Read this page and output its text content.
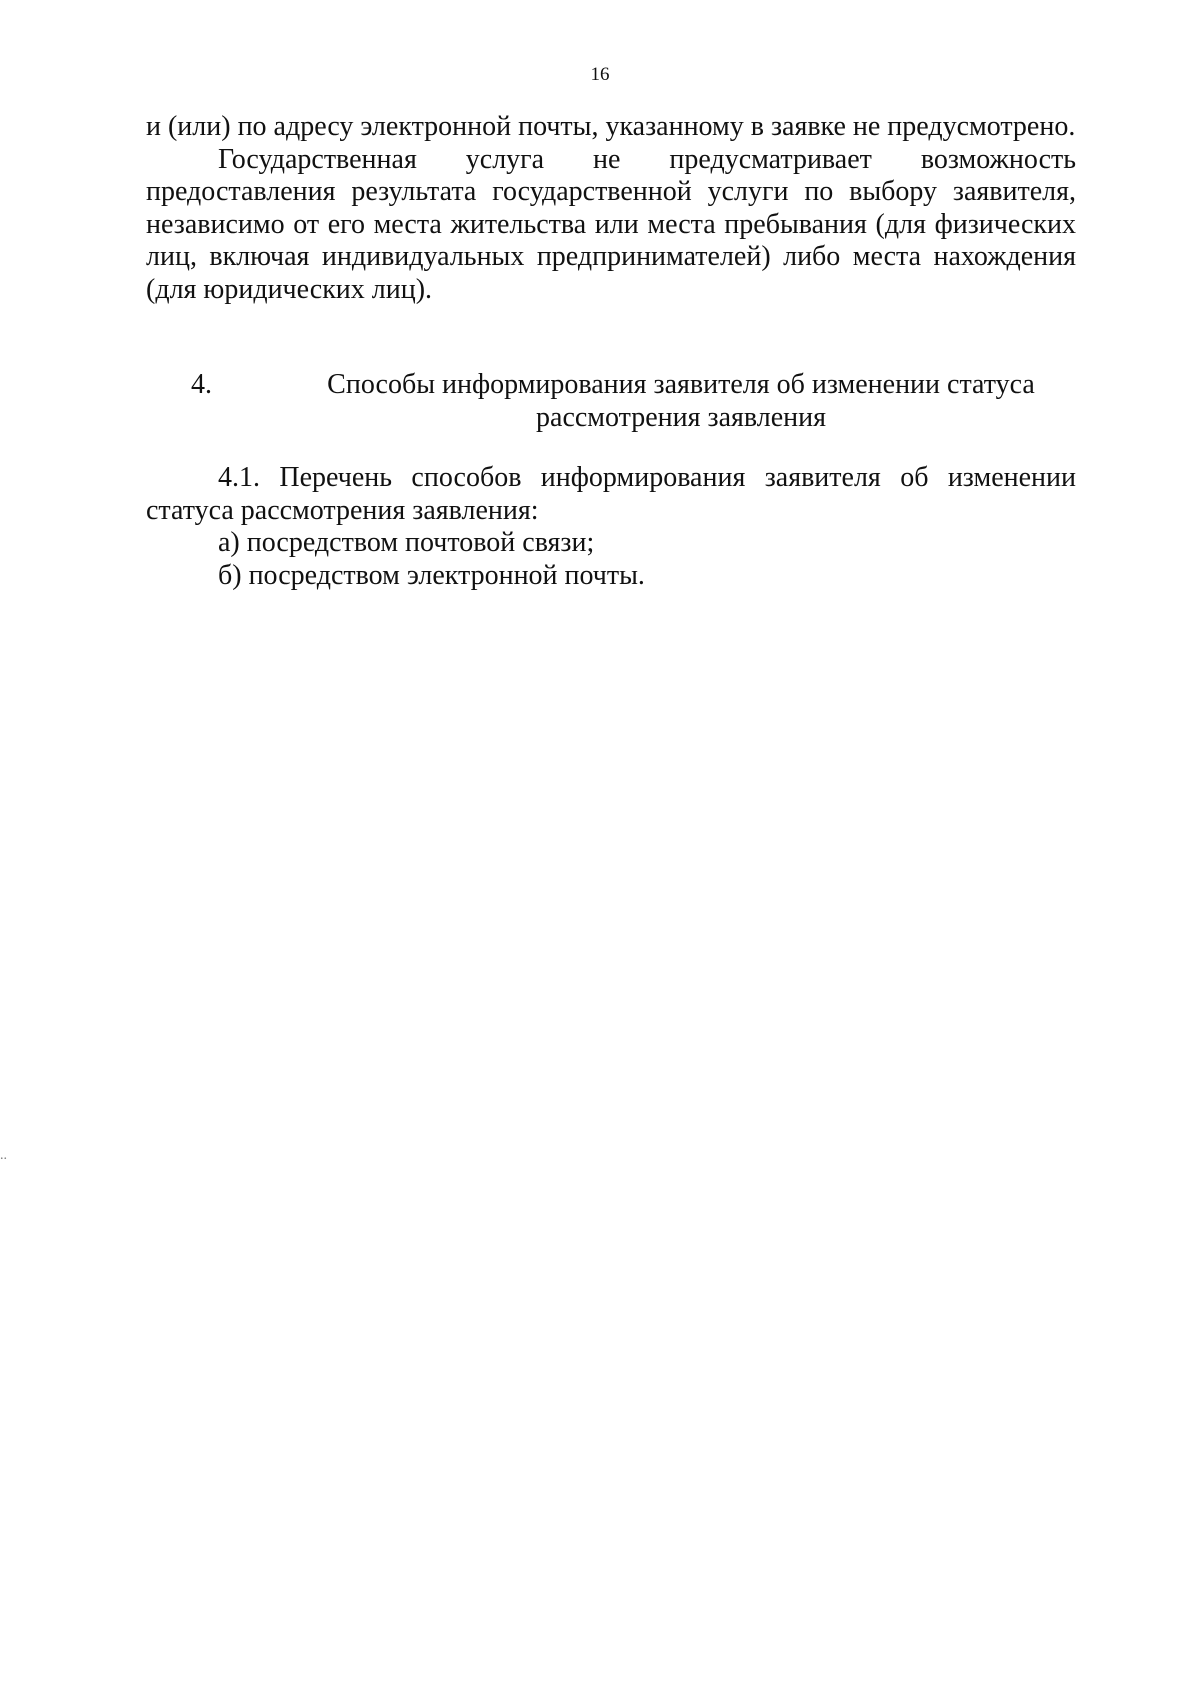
16

и (или) по адресу электронной почты, указанному в заявке не предусмотрено.

Государственная услуга не предусматривает возможность предоставления результата государственной услуги по выбору заявителя, независимо от его места жительства или места пребывания (для физических лиц, включая индивидуальных предпринимателей) либо места нахождения (для юридических лиц).

4.	Способы информирования заявителя об изменении статуса
рассмотрения заявления

4.1. Перечень способов информирования заявителя об изменении статуса рассмотрения заявления:

а) посредством почтовой связи;

б) посредством электронной почты.

..
